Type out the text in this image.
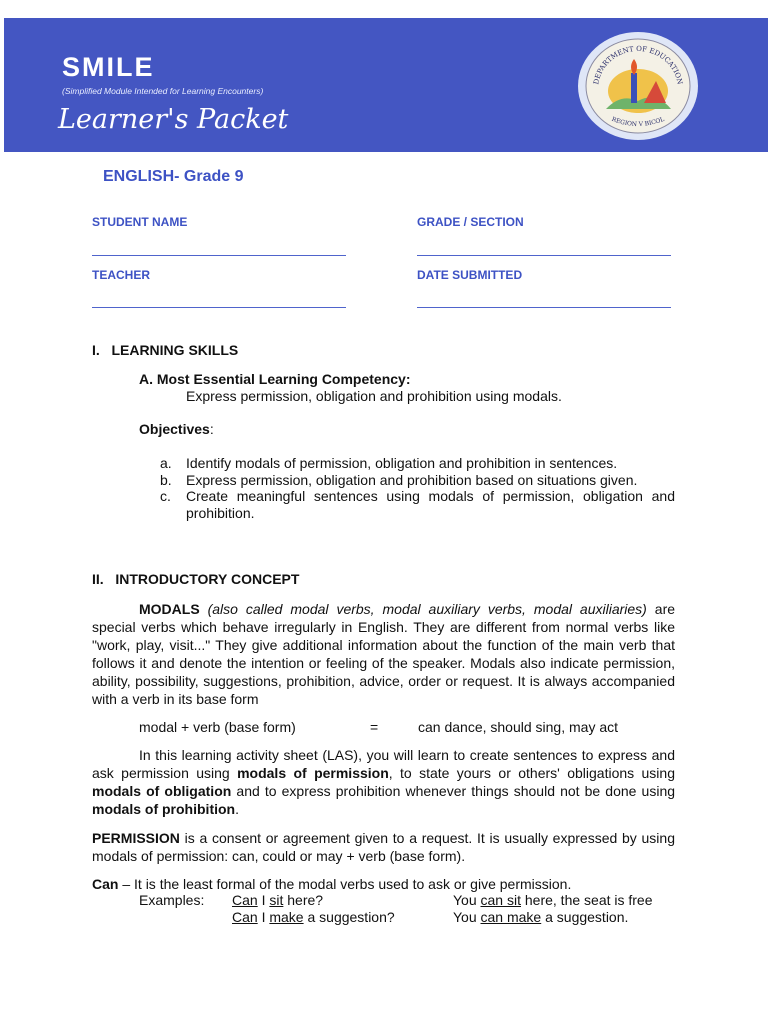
SMILE
(Simplified Module Intended for Learning Encounters)
Learner's Packet
DEPARTMENT OF EDUCATION
REGION V BICOL
ENGLISH- Grade 9
STUDENT NAME	GRADE / SECTION
TEACHER	DATE SUBMITTED
I.   LEARNING SKILLS
A. Most Essential Learning Competency:
Express permission, obligation and prohibition using modals.
Objectives:
a. Identify modals of permission, obligation and prohibition in sentences.
b. Express permission, obligation and prohibition based on situations given.
c. Create meaningful sentences using modals of permission, obligation and prohibition.
II.   INTRODUCTORY CONCEPT
MODALS (also called modal verbs, modal auxiliary verbs, modal auxiliaries) are special verbs which behave irregularly in English. They are different from normal verbs like "work, play, visit..." They give additional information about the function of the main verb that follows it and denote the intention or feeling of the speaker. Modals also indicate permission, ability, possibility, suggestions, prohibition, advice, order or request. It is always accompanied with a verb in its base form
modal + verb (base form)	=	can dance, should sing, may act
In this learning activity sheet (LAS), you will learn to create sentences to express and ask permission using modals of permission, to state yours or others' obligations using modals of obligation and to express prohibition whenever things should not be done using modals of prohibition.
PERMISSION is a consent or agreement given to a request. It is usually expressed by using modals of permission: can, could or may + verb (base form).
Can – It is the least formal of the modal verbs used to ask or give permission.
Examples: Can I sit here?	You can sit here, the seat is free
Can I make a suggestion?	You can make a suggestion.
